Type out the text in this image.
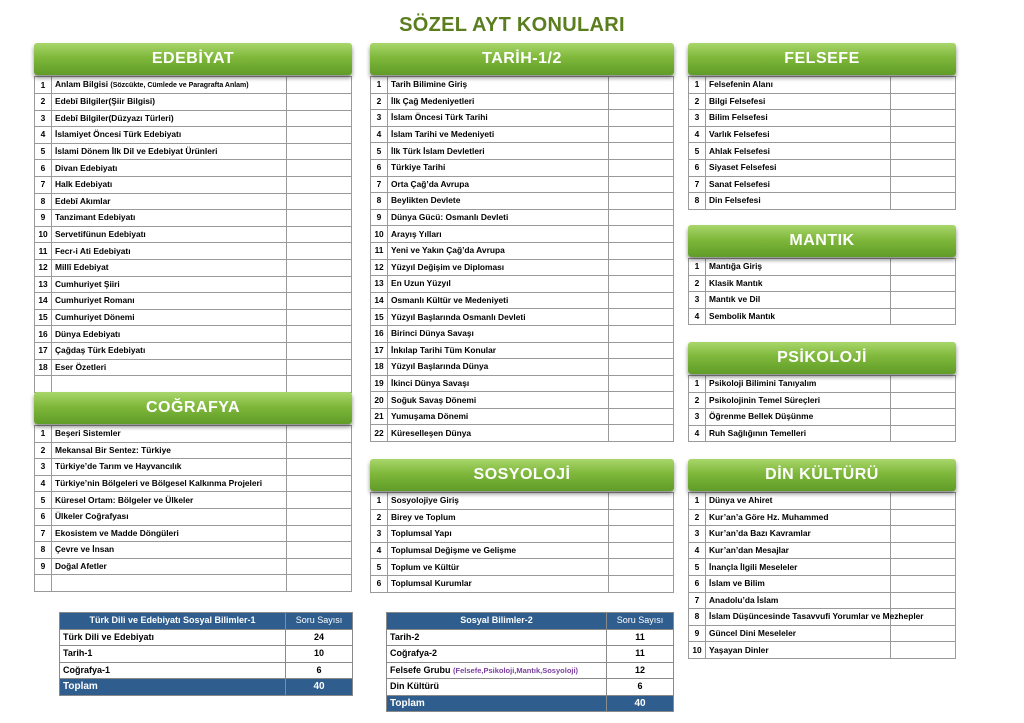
SÖZEL AYT KONULARI
EDEBİYAT
1	Anlam Bilgisi (Sözcükte, Cümlede ve Paragrafta Anlam)	
2	Edebî Bilgiler(Şiir Bilgisi)	
3	Edebî Bilgiler(Düzyazı Türleri)	
4	İslamiyet Öncesi Türk Edebiyatı	
5	İslami Dönem İlk Dil ve Edebiyat Ürünleri	
6	Divan Edebiyatı	
7	Halk Edebiyatı	
8	Edebî Akımlar	
9	Tanzimant Edebiyatı	
10	Servetifünun Edebiyatı	
11	Fecr-i Ati Edebiyatı	
12	Millî Edebiyat	
13	Cumhuriyet Şiiri	
14	Cumhuriyet Romanı	
15	Cumhuriyet Dönemi	
16	Dünya Edebiyatı	
17	Çağdaş Türk Edebiyatı	
18	Eser Özetleri	

COĞRAFYA
1	Beşeri Sistemler	
2	Mekansal Bir Sentez: Türkiye	
3	Türkiye’de Tarım ve Hayvancılık	
4	Türkiye’nin Bölgeleri ve Bölgesel Kalkınma Projeleri	
5	Küresel Ortam: Bölgeler ve Ülkeler	
6	Ülkeler Coğrafyası	
7	Ekosistem ve Madde Döngüleri	
8	Çevre ve İnsan	
9	Doğal Afetler	

TARİH-1/2
1	Tarih Bilimine Giriş	
2	İlk Çağ Medeniyetleri	
3	İslam Öncesi Türk Tarihi	
4	İslam Tarihi ve Medeniyeti	
5	İlk Türk İslam Devletleri	
6	Türkiye Tarihi	
7	Orta Çağ’da Avrupa	
8	Beylikten Devlete	
9	Dünya Gücü: Osmanlı Devleti	
10	Arayış Yılları	
11	Yeni ve Yakın Çağ’da Avrupa	
12	Yüzyıl Değişim ve Diploması	
13	En Uzun Yüzyıl	
14	Osmanlı Kültür ve Medeniyeti	
15	Yüzyıl Başlarında Osmanlı Devleti	
16	Birinci Dünya Savaşı	
17	İnkılap Tarihi Tüm Konular	
18	Yüzyıl Başlarında Dünya	
19	İkinci Dünya Savaşı	
20	Soğuk Savaş Dönemi	
21	Yumuşama Dönemi	
22	Küreselleşen Dünya	
SOSYOLOJİ
1	Sosyolojiye Giriş	
2	Birey ve Toplum	
3	Toplumsal Yapı	
4	Toplumsal Değişme ve Gelişme	
5	Toplum ve Kültür	
6	Toplumsal Kurumlar	
FELSEFE
1	Felsefenin Alanı	
2	Bilgi Felsefesi	
3	Bilim Felsefesi	
4	Varlık Felsefesi	
5	Ahlak Felsefesi	
6	Siyaset Felsefesi	
7	Sanat Felsefesi	
8	Din Felsefesi	
MANTIK
1	Mantığa Giriş	
2	Klasik Mantık	
3	Mantık ve Dil	
4	Sembolik Mantık	
PSİKOLOJİ
1	Psikoloji Bilimini Tanıyalım	
2	Psikolojinin Temel Süreçleri	
3	Öğrenme Bellek Düşünme	
4	Ruh Sağlığının Temelleri	
DİN KÜLTÜRÜ
1	Dünya ve Ahiret	
2	Kur’an’a Göre Hz. Muhammed	
3	Kur’an’da Bazı Kavramlar	
4	Kur’an’dan Mesajlar	
5	İnançla İlgili Meseleler	
6	İslam ve Bilim	
7	Anadolu’da İslam	
8	İslam Düşüncesinde Tasavvufi Yorumlar ve Mezhepler	
9	Güncel Dini Meseleler	
10	Yaşayan Dinler	
Türk Dili ve Edebiyatı Sosyal Bilimler-1	Soru Sayısı
Türk Dili ve Edebiyatı	24
Tarih-1	10
Coğrafya-1	6
Toplam	40
Sosyal Bilimler-2	Soru Sayısı
Tarih-2	11
Coğrafya-2	11
Felsefe Grubu (Felsefe,Psikoloji,Mantık,Sosyoloji)	12
Din Kültürü	6
Toplam	40
